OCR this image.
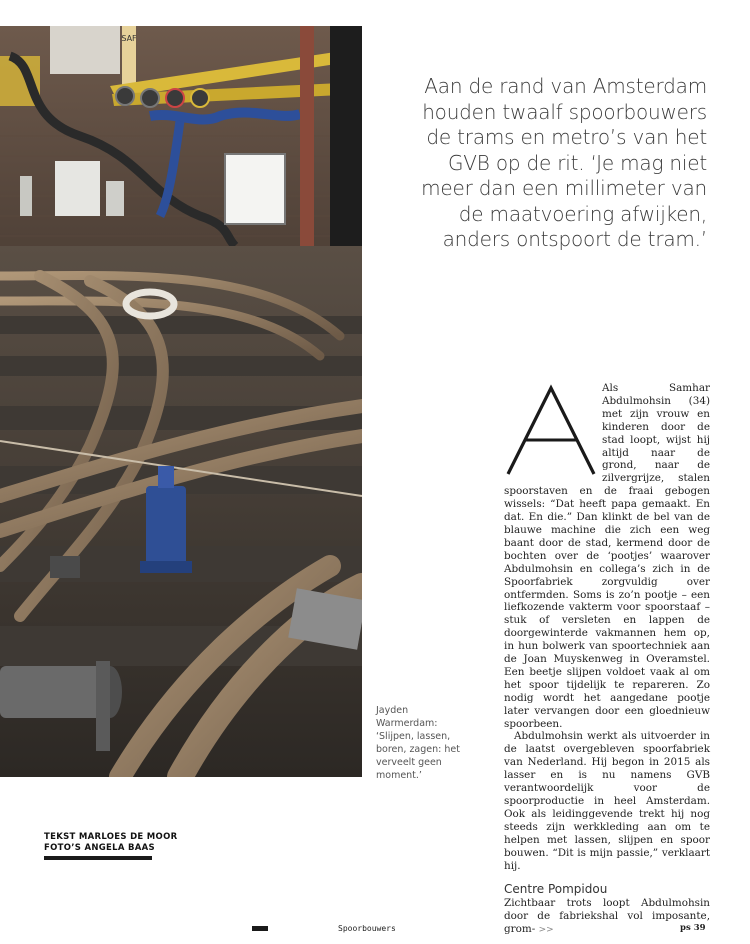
SAF
Aan de rand van Amsterdam
houden twaalf spoorbouwers
de trams en metro’s van het
GVB op de rit. ‘Je mag niet
meer dan een millimeter van
de maatvoering afwijken,
anders ontspoort de tram.’
Jayden
Warmerdam:
‘Slijpen, lassen,
boren, zagen: het
verveelt geen
moment.’

Als Samhar Abdulmohsin (34) met zijn vrouw en kinderen door de stad loopt, wijst hij altijd naar de grond, naar de zilvergrijze, stalen spoorstaven en de fraai gebogen wissels: “Dat heeft papa gemaakt. En dat. En die.” Dan klinkt de bel van de blauwe machine die zich een weg baant door de stad, kermend door de bochten over de ‘pootjes’ waarover Abdulmohsin en collega’s zich in de Spoorfabriek zorgvuldig over ontfermden. Soms is zo’n pootje – een liefkozende vakterm voor spoorstaaf – stuk of versleten en lappen de doorgewinterde vakmannen hem op, in hun bolwerk van spoortechniek aan de Joan Muyskenweg in Overamstel. Een beetje slijpen voldoet vaak al om het spoor tijdelijk te repareren. Zo nodig wordt het aangedane pootje later vervangen door een gloednieuw spoorbeen.

Abdulmohsin werkt als uitvoerder in de laatst overgebleven spoorfabriek van Nederland. Hij begon in 2015 als lasser en is nu namens GVB verantwoordelijk voor de spoorproductie in heel Amsterdam. Ook als leidinggevende trekt hij nog steeds zijn werkkleding aan om te helpen met lassen, slijpen en spoor bouwen. “Dit is mijn passie,” verklaart hij.

Centre Pompidou

Zichtbaar trots loopt Abdulmohsin door de fabriekshal vol imposante, grom- >>

TEKST MARLOES DE MOOR
FOTO’S ANGELA BAAS
Spoorbouwers	ps 39
